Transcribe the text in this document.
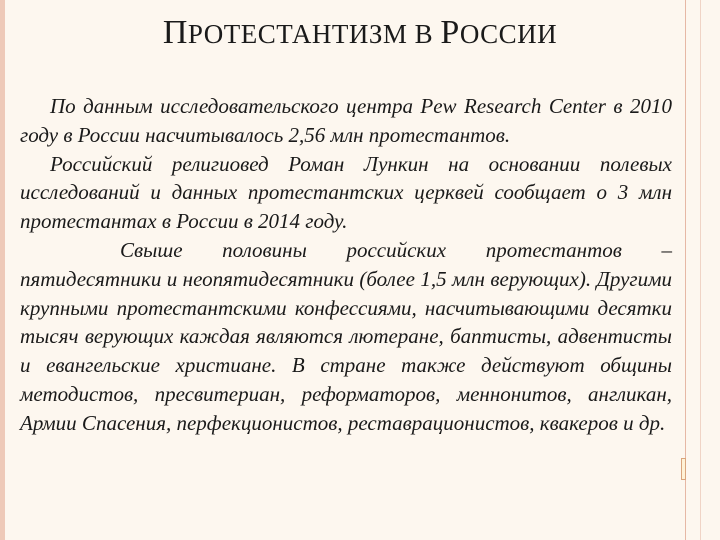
ПРОТЕСТАНТИЗМ В РОССИИ

По данным исследовательского центра Pew Research Center в 2010 году в России насчитывалось 2,56 млн протестантов.

Российский религиовед Роман Лункин на основании полевых исследований и данных протестантских церквей сообщает о 3 млн протестантах в России в 2014 году.

Свыше половины российских протестантов – пятидесятники и неопятидесятники (более 1,5 млн верующих). Другими крупными протестантскими конфессиями, насчитывающими десятки тысяч верующих каждая являются лютеране, баптисты, адвентисты и евангельские христиане. В стране также действуют общины методистов, пресвитериан, реформаторов, меннонитов, англикан, Армии Спасения, перфекционистов, реставрационистов, квакеров и др.
